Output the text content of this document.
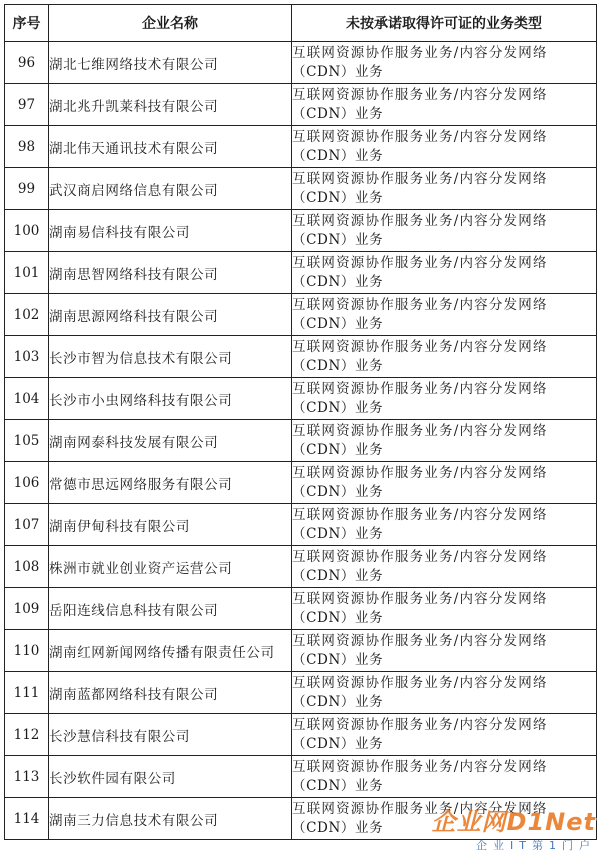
序号	企业名称	未按承诺取得许可证的业务类型
96	湖北七维网络技术有限公司	互联网资源协作服务业务/内容分发网络
（CDN）业务

97	湖北兆升凯莱科技有限公司	互联网资源协作服务业务/内容分发网络
（CDN）业务

98	湖北伟天通讯技术有限公司	互联网资源协作服务业务/内容分发网络
（CDN）业务

99	武汉商启网络信息有限公司	互联网资源协作服务业务/内容分发网络
（CDN）业务

100	湖南易信科技有限公司	互联网资源协作服务业务/内容分发网络
（CDN）业务

101	湖南思智网络科技有限公司	互联网资源协作服务业务/内容分发网络
（CDN）业务

102	湖南思源网络科技有限公司	互联网资源协作服务业务/内容分发网络
（CDN）业务

103	长沙市智为信息技术有限公司	互联网资源协作服务业务/内容分发网络
（CDN）业务

104	长沙市小虫网络科技有限公司	互联网资源协作服务业务/内容分发网络
（CDN）业务

105	湖南网泰科技发展有限公司	互联网资源协作服务业务/内容分发网络
（CDN）业务

106	常德市思远网络服务有限公司	互联网资源协作服务业务/内容分发网络
（CDN）业务

107	湖南伊甸科技有限公司	互联网资源协作服务业务/内容分发网络
（CDN）业务

108	株洲市就业创业资产运营公司	互联网资源协作服务业务/内容分发网络
（CDN）业务

109	岳阳连线信息科技有限公司	互联网资源协作服务业务/内容分发网络
（CDN）业务

110	湖南红网新闻网络传播有限责任公司	互联网资源协作服务业务/内容分发网络
（CDN）业务

111	湖南蓝都网络科技有限公司	互联网资源协作服务业务/内容分发网络
（CDN）业务

112	长沙慧信科技有限公司	互联网资源协作服务业务/内容分发网络
（CDN）业务

113	长沙软件园有限公司	互联网资源协作服务业务/内容分发网络
（CDN）业务

114	湖南三力信息技术有限公司	互联网资源协作服务业务/内容分发网络
（CDN）业务	企业网D1Net
企业IT第1门户
